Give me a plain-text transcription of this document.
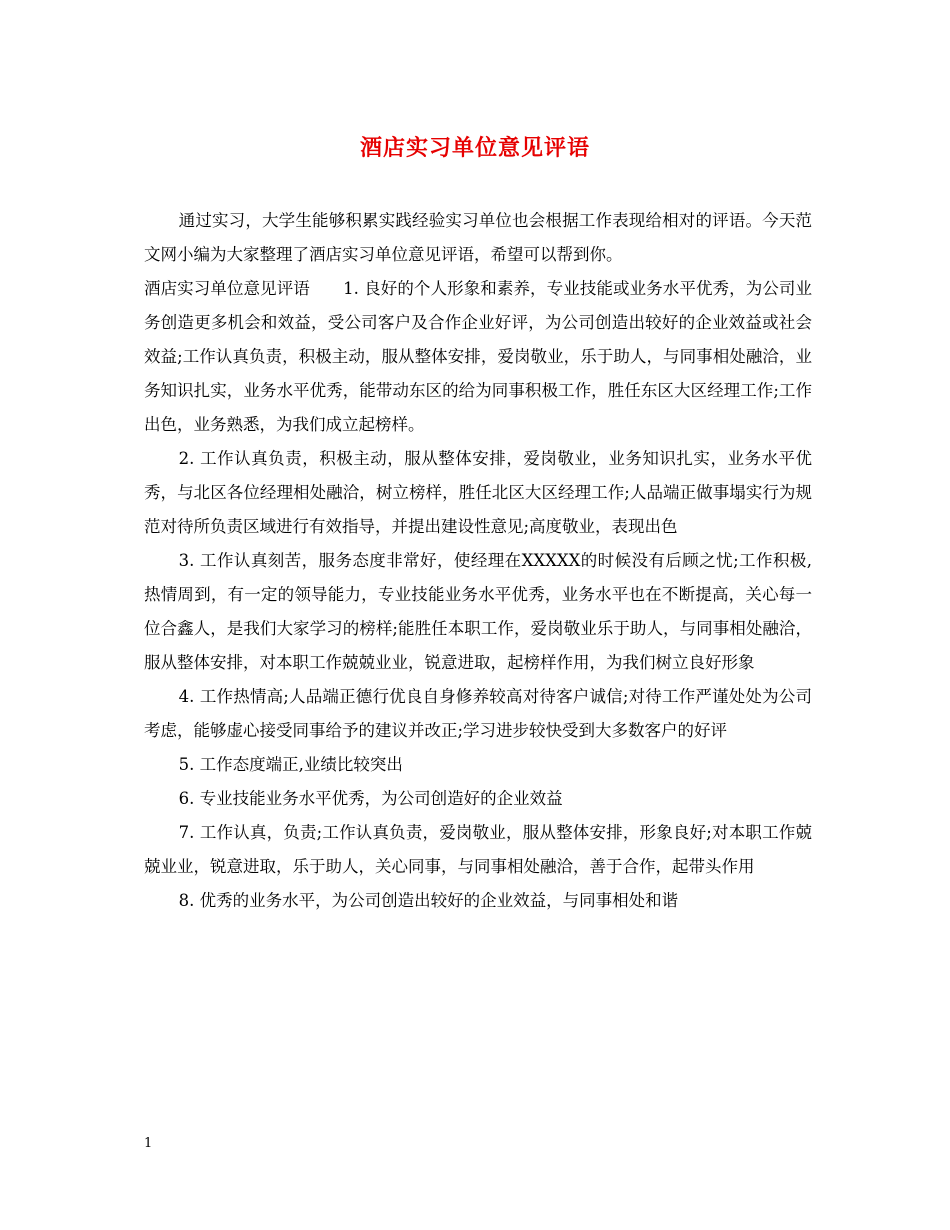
酒店实习单位意见评语

通过实习，大学生能够积累实践经验实习单位也会根据工作表现给相对的评语。今天范文网小编为大家整理了酒店实习单位意见评语，希望可以帮到你。

酒店实习单位意见评语　　1. 良好的个人形象和素养，专业技能或业务水平优秀，为公司业务创造更多机会和效益，受公司客户及合作企业好评，为公司创造出较好的企业效益或社会效益;工作认真负责，积极主动，服从整体安排，爱岗敬业，乐于助人，与同事相处融洽，业务知识扎实，业务水平优秀，能带动东区的给为同事积极工作，胜任东区大区经理工作;工作出色，业务熟悉，为我们成立起榜样。

2. 工作认真负责，积极主动，服从整体安排，爱岗敬业，业务知识扎实，业务水平优秀，与北区各位经理相处融洽，树立榜样，胜任北区大区经理工作;人品端正做事塌实行为规范对待所负责区域进行有效指导，并提出建设性意见;高度敬业，表现出色

3. 工作认真刻苦，服务态度非常好，使经理在XXXXX的时候没有后顾之忧;工作积极,热情周到，有一定的领导能力，专业技能业务水平优秀，业务水平也在不断提高，关心每一位合鑫人，是我们大家学习的榜样;能胜任本职工作，爱岗敬业乐于助人，与同事相处融洽，服从整体安排，对本职工作兢兢业业，锐意进取，起榜样作用，为我们树立良好形象

4. 工作热情高;人品端正德行优良自身修养较高对待客户诚信;对待工作严谨处处为公司考虑，能够虚心接受同事给予的建议并改正;学习进步较快受到大多数客户的好评

5. 工作态度端正,业绩比较突出

6. 专业技能业务水平优秀，为公司创造好的企业效益

7. 工作认真，负责;工作认真负责，爱岗敬业，服从整体安排，形象良好;对本职工作兢兢业业，锐意进取，乐于助人，关心同事，与同事相处融洽，善于合作，起带头作用

8. 优秀的业务水平，为公司创造出较好的企业效益，与同事相处和谐

1
